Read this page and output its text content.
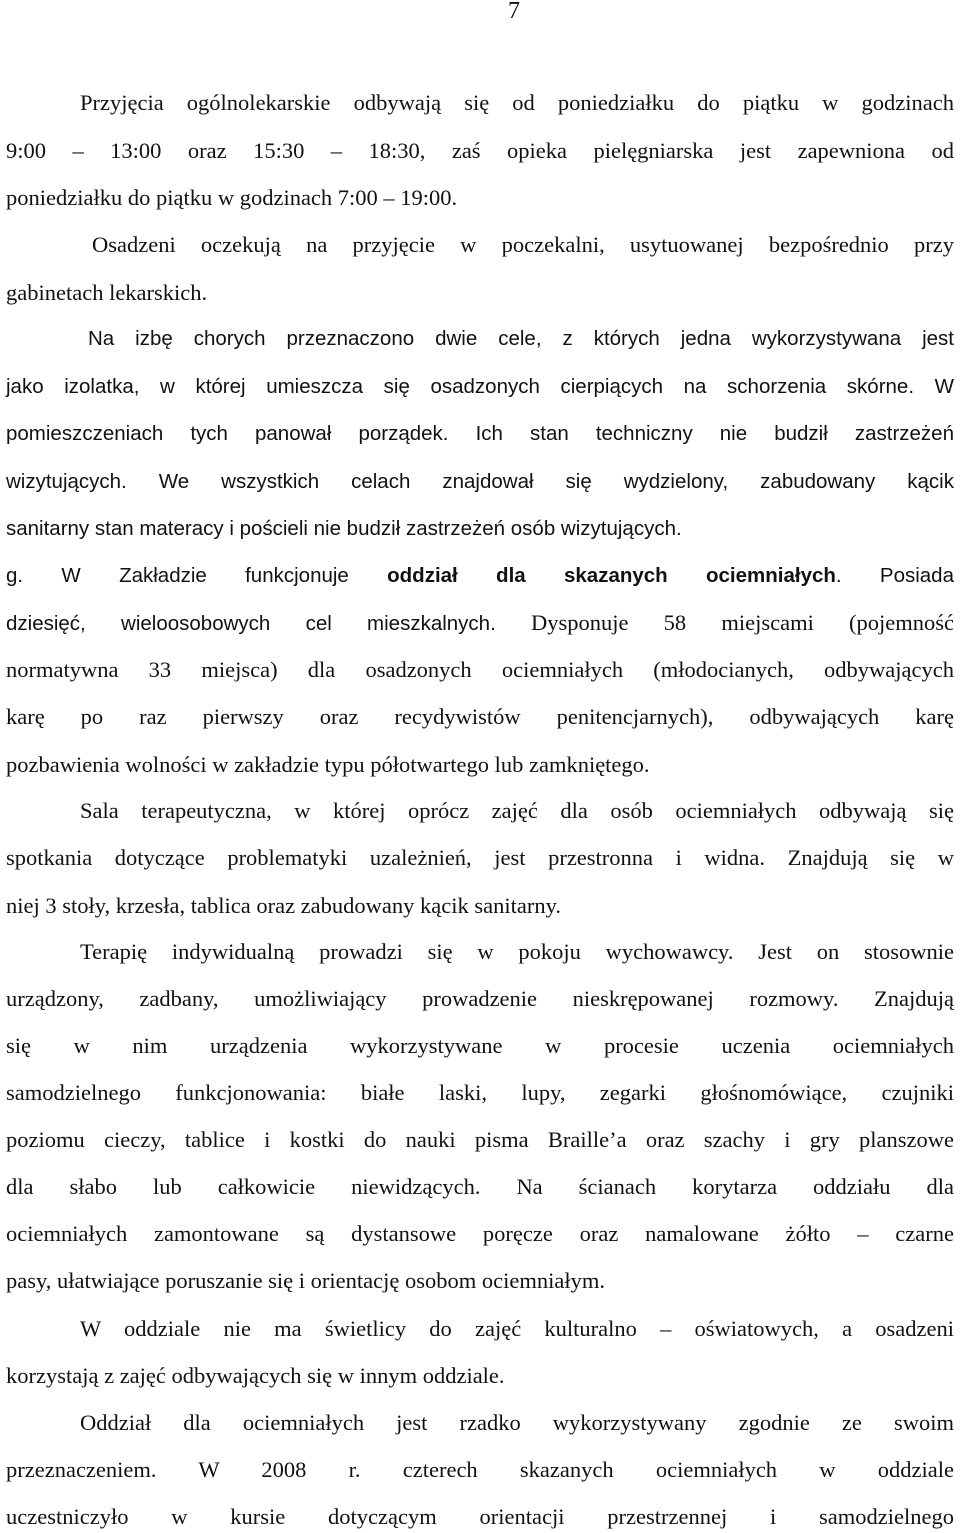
7

Przyjęcia ogólnolekarskie odbywają się od poniedziałku do piątku w godzinach

9:00 – 13:00 oraz 15:30 – 18:30, zaś opieka pielęgniarska jest zapewniona od

poniedziałku do piątku w godzinach 7:00 – 19:00.

Osadzeni oczekują na przyjęcie w poczekalni, usytuowanej bezpośrednio przy

gabinetach lekarskich.

Na izbę chorych przeznaczono dwie cele, z których jedna wykorzystywana jest

jako izolatka, w której umieszcza się osadzonych cierpiących na schorzenia skórne. W

pomieszczeniach tych panował porządek. Ich stan techniczny nie budził zastrzeżeń

wizytujących. We wszystkich celach znajdował się wydzielony, zabudowany kącik

sanitarny stan materacy i pościeli nie budził zastrzeżeń osób wizytujących.

g. W Zakładzie funkcjonuje oddział dla skazanych ociemniałych. Posiada

dziesięć, wieloosobowych cel mieszkalnych. Dysponuje 58 miejscami (pojemność

normatywna 33 miejsca) dla osadzonych ociemniałych (młodocianych, odbywających

karę po raz pierwszy oraz recydywistów penitencjarnych), odbywających karę

pozbawienia wolności w zakładzie typu półotwartego lub zamkniętego.

Sala terapeutyczna, w której oprócz zajęć dla osób ociemniałych odbywają się

spotkania dotyczące problematyki uzależnień, jest przestronna i widna. Znajdują się w

niej 3 stoły, krzesła, tablica oraz zabudowany kącik sanitarny.

Terapię indywidualną prowadzi się w pokoju wychowawcy. Jest on stosownie

urządzony, zadbany, umożliwiający prowadzenie nieskrępowanej rozmowy. Znajdują

się w nim urządzenia wykorzystywane w procesie uczenia ociemniałych

samodzielnego funkcjonowania: białe laski, lupy, zegarki głośnomówiące, czujniki

poziomu cieczy, tablice i kostki do nauki pisma Braille’a oraz szachy i gry planszowe

dla słabo lub całkowicie niewidzących. Na ścianach korytarza oddziału dla

ociemniałych zamontowane są dystansowe poręcze oraz namalowane żółto – czarne

pasy, ułatwiające poruszanie się i orientację osobom ociemniałym.

W oddziale nie ma świetlicy do zajęć kulturalno – oświatowych, a osadzeni

korzystają z zajęć odbywających się w innym oddziale.

Oddział dla ociemniałych jest rzadko wykorzystywany zgodnie ze swoim

przeznaczeniem. W 2008 r. czterech skazanych ociemniałych w oddziale

uczestniczyło w kursie dotyczącym orientacji przestrzennej i samodzielnego
